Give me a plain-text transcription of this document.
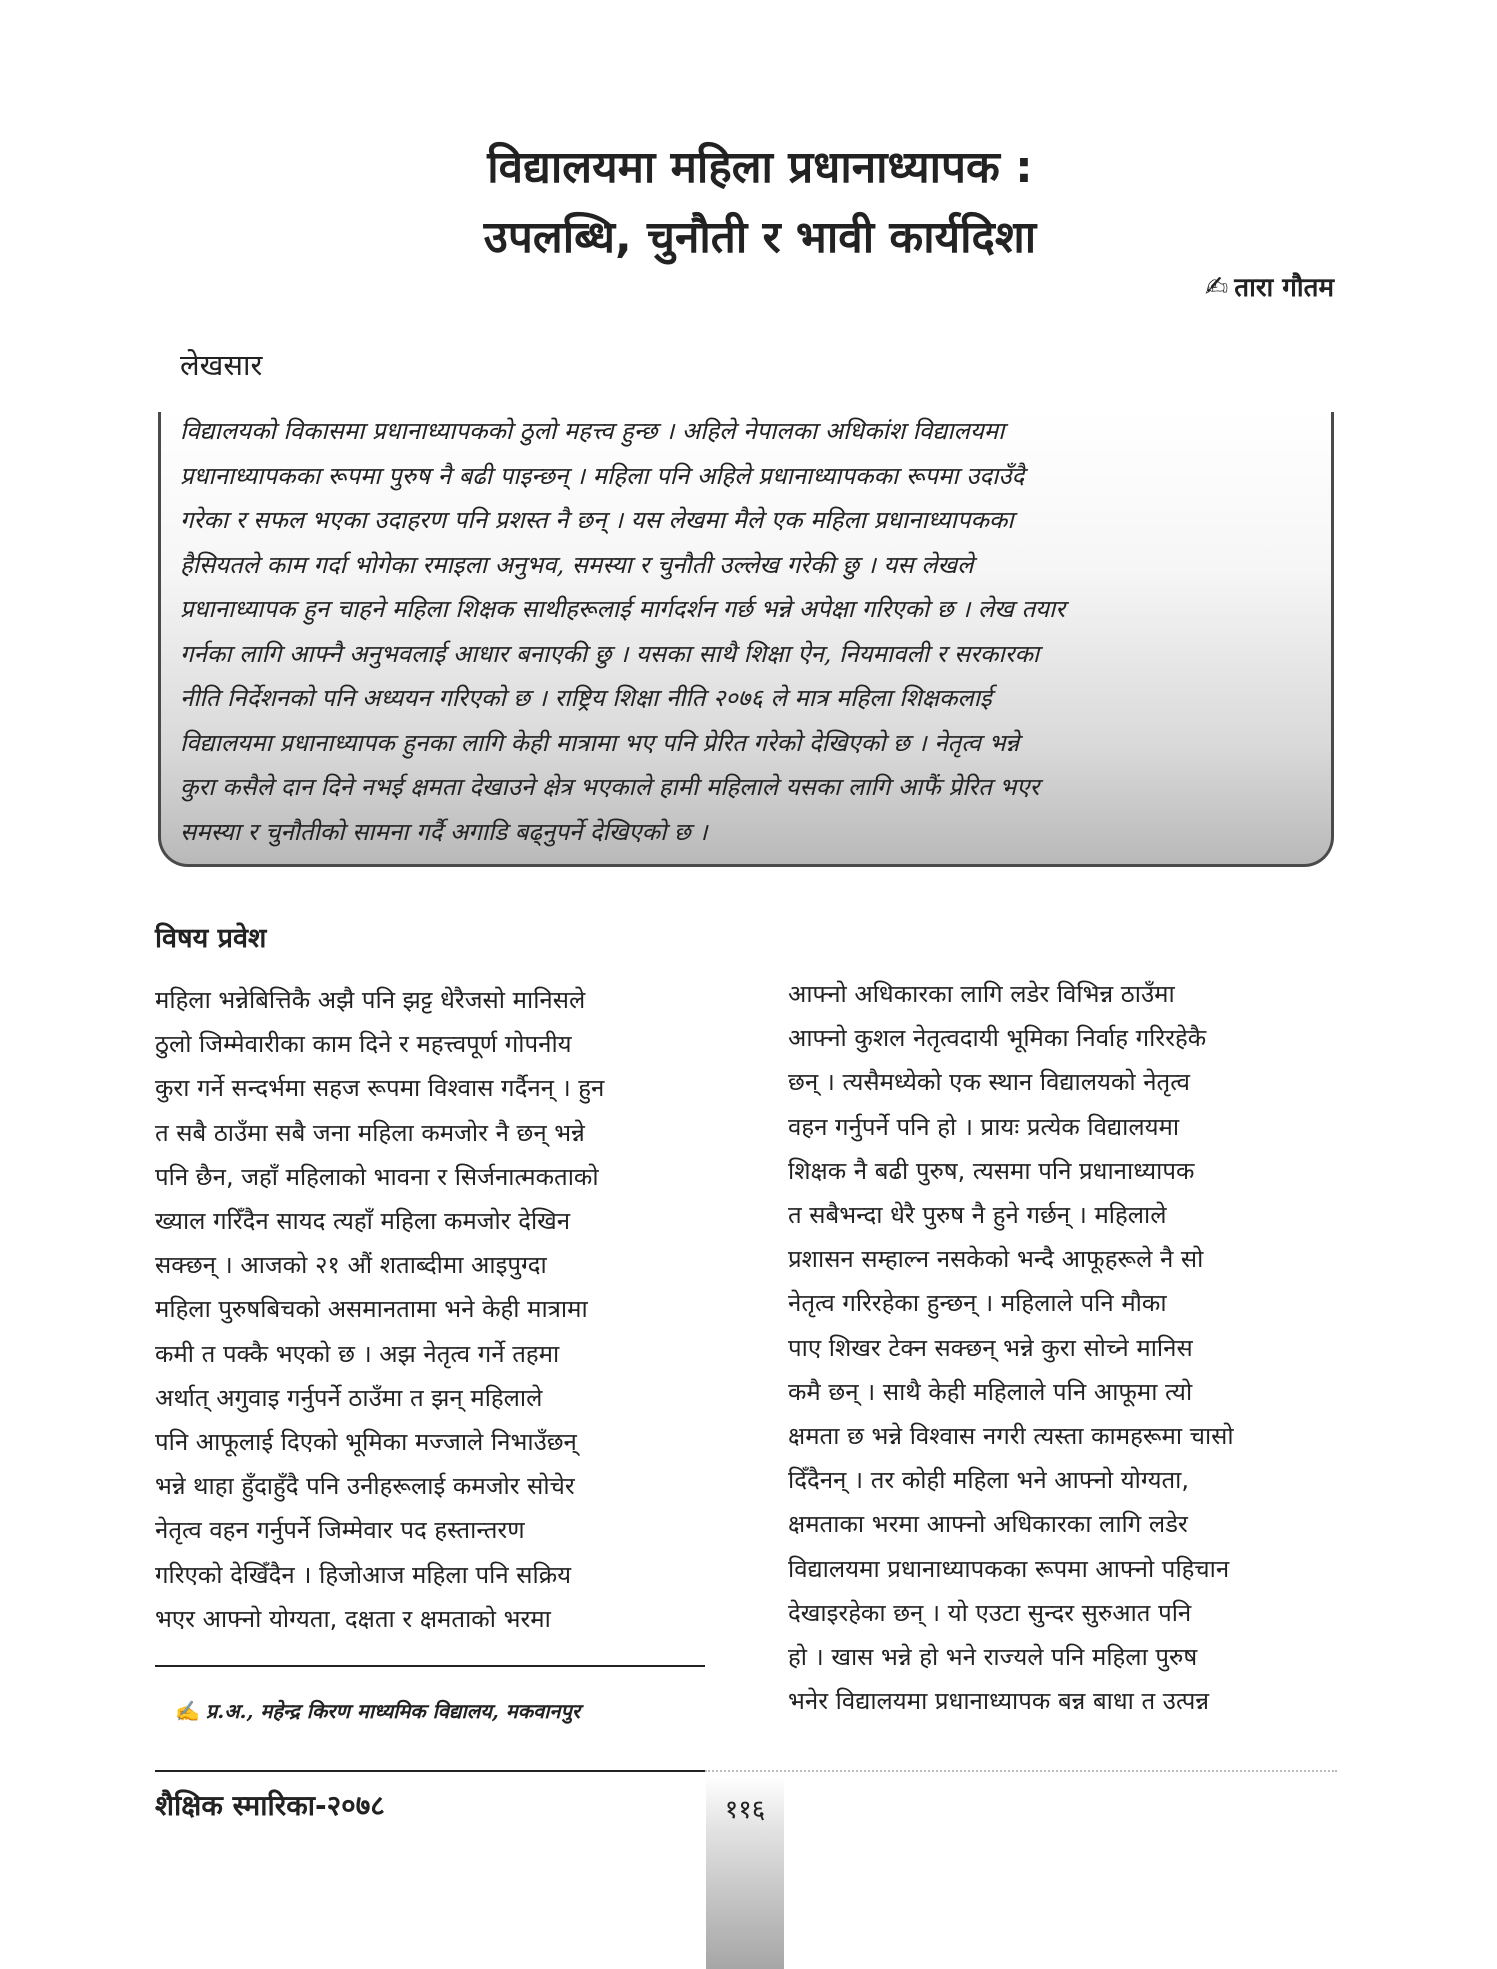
विद्यालयमा महिला प्रधानाध्यापक :
उपलब्धि, चुनौती र भावी कार्यदिशा
✍ तारा गौतम
लेखसार

विद्यालयको विकासमा प्रधानाध्यापकको ठुलो महत्त्व हुन्छ । अहिले नेपालका अधिकांश विद्यालयमा

प्रधानाध्यापकका रूपमा पुरुष नै बढी पाइन्छन् । महिला पनि अहिले प्रधानाध्यापकका रूपमा उदाउँदै

गरेका र सफल भएका उदाहरण पनि प्रशस्त नै छन् । यस लेखमा मैले एक महिला प्रधानाध्यापकका

हैसियतले काम गर्दा भोगेका रमाइला अनुभव, समस्या र चुनौती उल्लेख गरेकी छु । यस लेखले

प्रधानाध्यापक हुन चाहने महिला शिक्षक साथीहरूलाई मार्गदर्शन गर्छ भन्ने अपेक्षा गरिएको छ । लेख तयार

गर्नका लागि आफ्नै अनुभवलाई आधार बनाएकी छु । यसका साथै शिक्षा ऐन, नियमावली र सरकारका

नीति निर्देशनको पनि अध्ययन गरिएको छ । राष्ट्रिय शिक्षा नीति २०७६ ले मात्र महिला शिक्षकलाई

विद्यालयमा प्रधानाध्यापक हुनका लागि केही मात्रामा भए पनि प्रेरित गरेको देखिएको छ । नेतृत्व भन्ने

कुरा कसैले दान दिने नभई क्षमता देखाउने क्षेत्र भएकाले हामी महिलाले यसका लागि आफैं प्रेरित भएर

समस्या र चुनौतीको सामना गर्दै अगाडि बढ्नुपर्ने देखिएको छ ।

विषय प्रवेश

महिला भन्नेबित्तिकै अझै पनि झट्ट धेरैजसो मानिसले

ठुलो जिम्मेवारीका काम दिने र महत्त्वपूर्ण गोपनीय

कुरा गर्ने सन्दर्भमा सहज रूपमा विश्वास गर्दैनन् । हुन

त सबै ठाउँमा सबै जना महिला कमजोर नै छन् भन्ने

पनि छैन, जहाँ महिलाको भावना र सिर्जनात्मकताको

ख्याल गरिँदैन सायद त्यहाँ महिला कमजोर देखिन

सक्छन् । आजको २१ औं शताब्दीमा आइपुग्दा

महिला पुरुषबिचको असमानतामा भने केही मात्रामा

कमी त पक्कै भएको छ । अझ नेतृत्व गर्ने तहमा

अर्थात् अगुवाइ गर्नुपर्ने ठाउँमा त झन् महिलाले

पनि आफूलाई दिएको भूमिका मज्जाले निभाउँछन्

भन्ने थाहा हुँदाहुँदै पनि उनीहरूलाई कमजोर सोचेर

नेतृत्व वहन गर्नुपर्ने जिम्मेवार पद हस्तान्तरण

गरिएको देखिँदैन । हिजोआज महिला पनि सक्रिय

भएर आफ्नो योग्यता, दक्षता र क्षमताको भरमा

आफ्नो अधिकारका लागि लडेर विभिन्न ठाउँमा

आफ्नो कुशल नेतृत्वदायी भूमिका निर्वाह गरिरहेकै

छन् । त्यसैमध्येको एक स्थान विद्यालयको नेतृत्व

वहन गर्नुपर्ने पनि हो । प्रायः प्रत्येक विद्यालयमा

शिक्षक नै बढी पुरुष, त्यसमा पनि प्रधानाध्यापक

त सबैभन्दा धेरै पुरुष नै हुने गर्छन् । महिलाले

प्रशासन सम्हाल्न नसकेको भन्दै आफूहरूले नै सो

नेतृत्व गरिरहेका हुन्छन् । महिलाले पनि मौका

पाए शिखर टेक्न सक्छन् भन्ने कुरा सोच्ने मानिस

कमै छन् । साथै केही महिलाले पनि आफूमा त्यो

क्षमता छ भन्ने विश्वास नगरी त्यस्ता कामहरूमा चासो

दिँदैनन् । तर कोही महिला भने आफ्नो योग्यता,

क्षमताका भरमा आफ्नो अधिकारका लागि लडेर

विद्यालयमा प्रधानाध्यापकका रूपमा आफ्नो पहिचान

देखाइरहेका छन् । यो एउटा सुन्दर सुरुआत पनि

हो । खास भन्ने हो भने राज्यले पनि महिला पुरुष

भनेर विद्यालयमा प्रधानाध्यापक बन्न बाधा त उत्पन्न

✍ प्र.अ., महेन्द्र किरण माध्यमिक विद्यालय, मकवानपुर
११६
शैक्षिक स्मारिका-२०७८
